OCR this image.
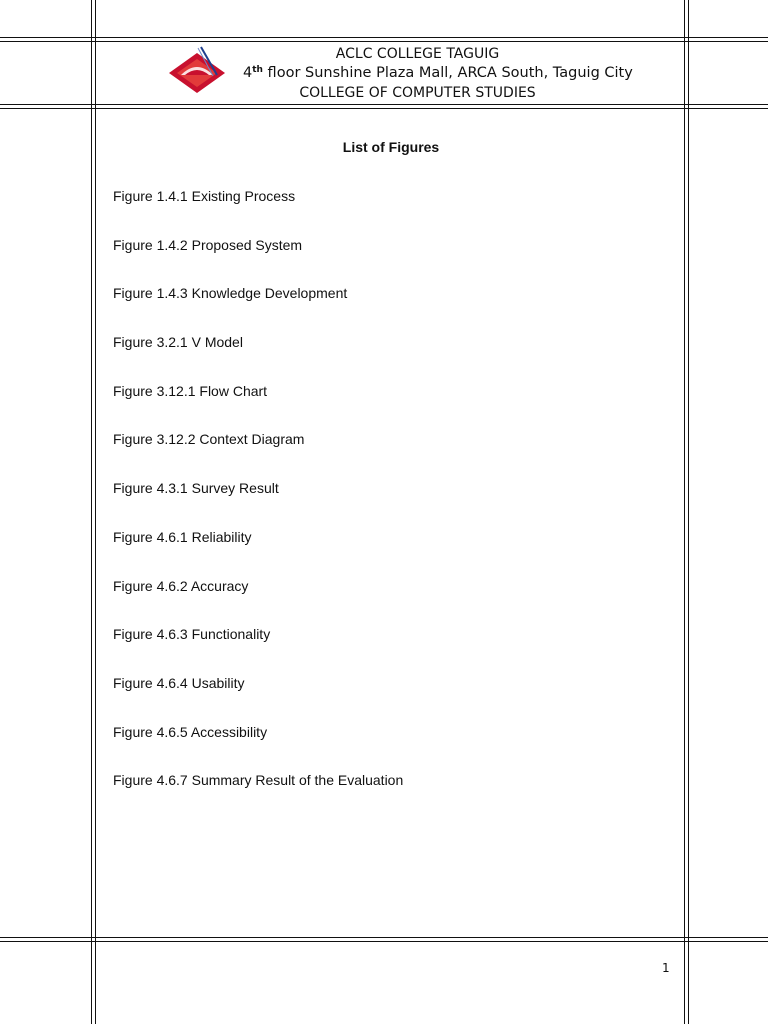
ACLC COLLEGE TAGUIG
4th floor Sunshine Plaza Mall, ARCA South, Taguig City
COLLEGE OF COMPUTER STUDIES
List of Figures
Figure 1.4.1 Existing Process
Figure 1.4.2 Proposed System
Figure 1.4.3 Knowledge Development
Figure 3.2.1 V Model
Figure 3.12.1 Flow Chart
Figure 3.12.2 Context Diagram
Figure 4.3.1 Survey Result
Figure 4.6.1 Reliability
Figure 4.6.2 Accuracy
Figure 4.6.3 Functionality
Figure 4.6.4 Usability
Figure 4.6.5 Accessibility
Figure 4.6.7 Summary Result of the Evaluation
1
